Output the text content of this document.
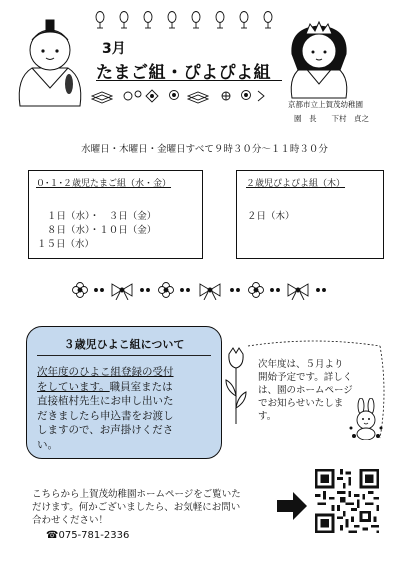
3月
たまご組・ぴよぴよ組
京都市立上賀茂幼稚園
園　長　　下村　貞之
水曜日・木曜日・金曜日すべて９時３０分～１１時３０分
０･１･２歳児たまご組（水・金）
１日（水）・　３日（金）
８日（水）・１０日（金）
１５日（水）
２歳児ぴよぴよ組（木）
２日（木）
３歳児ひよこ組について
次年度のひよこ組登録の受付
をしています。職員室または
直接植村先生にお申し出いた
だきましたら申込書をお渡し
しますので、お声掛けくださ
い。
次年度は、５月より
開始予定です。詳しく
は、園のホームページ
でお知らせいたしま
す。
こちらから上賀茂幼稚園ホームページをご覧いた
だけます。何かございましたら、お気軽にお問い
合わせください！
☎075-781-2336
